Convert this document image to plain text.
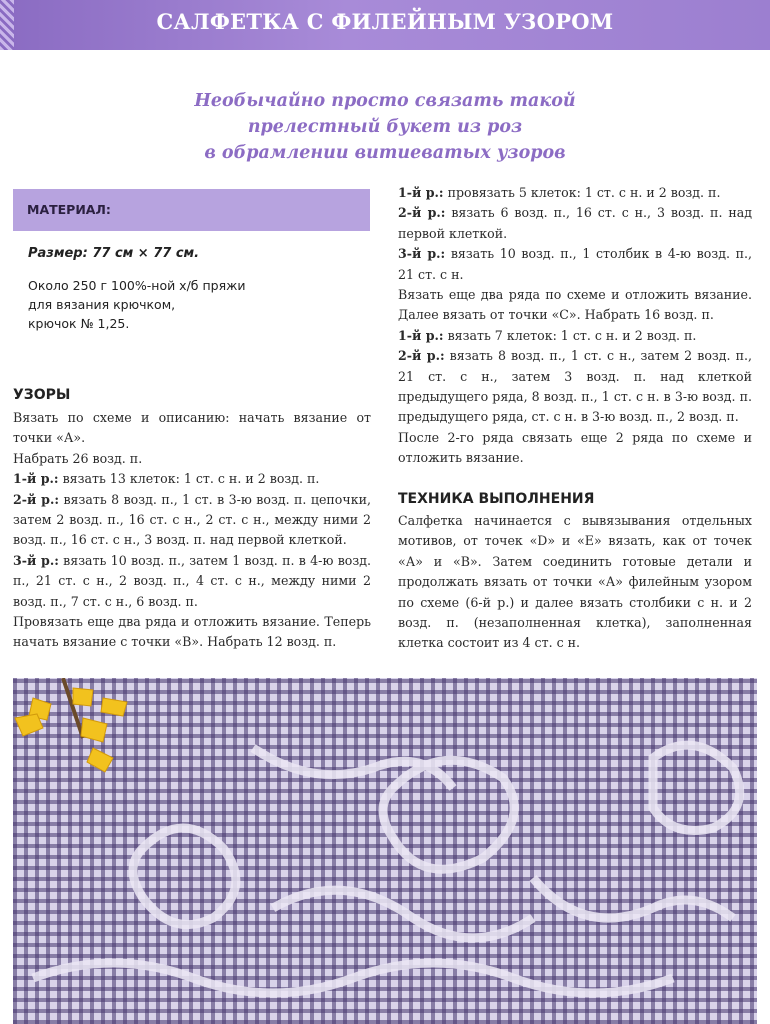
САЛФЕТКА С ФИЛЕЙНЫМ УЗОРОМ
Необычайно просто связать такой
прелестный букет из роз
в обрамлении витиеватых узоров
МАТЕРИАЛ:
Размер: 77 см × 77 см.
Около 250 г 100%-ной х/б пряжи
для вязания крючком,
крючок № 1,25.
УЗОРЫ

Вязать по схеме и описанию: начать вязание от точки «А».

Набрать 26 возд. п.

1-й р.: вязать 13 клеток: 1 ст. с н. и 2 возд. п.

2-й р.: вязать 8 возд. п., 1 ст. в 3-ю возд. п. цепочки, затем 2 возд. п., 16 ст. с н., 2 ст. с н., между ними 2 возд. п., 16 ст. с н., 3 возд. п. над первой клеткой.

3-й р.: вязать 10 возд. п., затем 1 возд. п. в 4-ю возд. п., 21 ст. с н., 2 возд. п., 4 ст. с н., между ними 2 возд. п., 7 ст. с н., 6 возд. п.

Провязать еще два ряда и отложить вязание. Теперь начать вязание с точки «В». Набрать 12 возд. п.

1-й р.: провязать 5 клеток: 1 ст. с н. и 2 возд. п.

2-й р.: вязать 6 возд. п., 16 ст. с н., 3 возд. п. над первой клеткой.

3-й р.: вязать 10 возд. п., 1 столбик в 4-ю возд. п., 21 ст. с н.

Вязать еще два ряда по схеме и отложить вязание. Далее вязать от точки «С». Набрать 16 возд. п.

1-й р.: вязать 7 клеток: 1 ст. с н. и 2 возд. п.

2-й р.: вязать 8 возд. п., 1 ст. с н., затем 2 возд. п., 21 ст. с н., затем 3 возд. п. над клеткой предыдущего ряда, 8 возд. п., 1 ст. с н. в 3-ю возд. п. предыдущего ряда, ст. с н. в 3-ю возд. п., 2 возд. п.

После 2-го ряда связать еще 2 ряда по схеме и отложить вязание.

ТЕХНИКА ВЫПОЛНЕНИЯ

Салфетка начинается с вывязывания отдельных мотивов, от точек «D» и «Е» вязать, как от точек «А» и «В». Затем соединить готовые детали и продолжать вязать от точки «А» филейным узором по схеме (6-й р.) и далее вязать столбики с н. и 2 возд. п. (незаполненная клетка), заполненная клетка состоит из 4 ст. с н.
